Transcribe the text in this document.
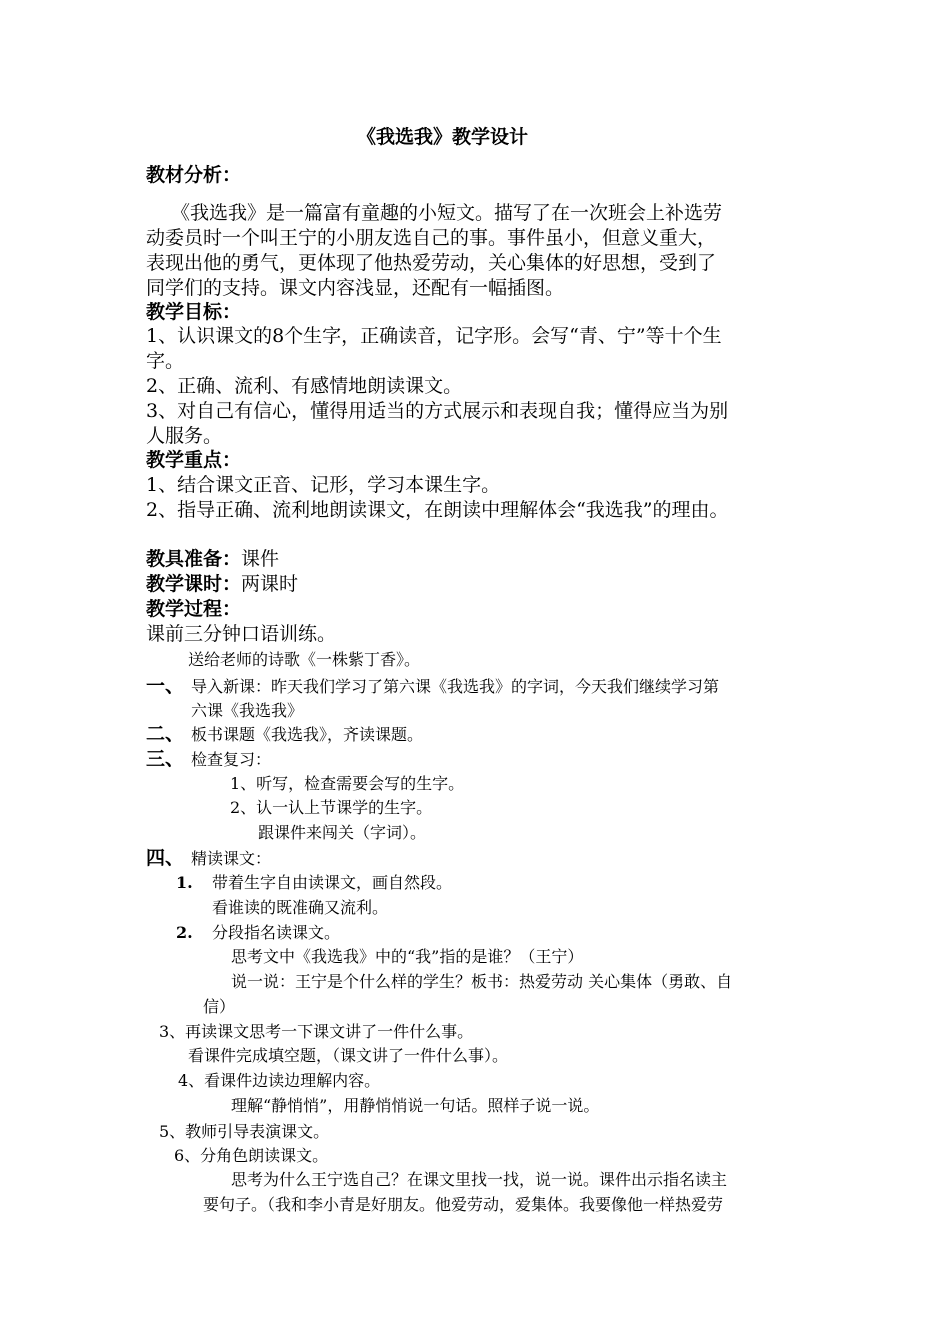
《我选我》教学设计
教材分析：
《我选我》是一篇富有童趣的小短文。描写了在一次班会上补选劳
动委员时一个叫王宁的小朋友选自己的事。事件虽小，但意义重大，
表现出他的勇气，更体现了他热爱劳动，关心集体的好思想，受到了
同学们的支持。课文内容浅显，还配有一幅插图。
教学目标：
1、认识课文的8个生字，正确读音，记字形。会写“青、宁”等十个生
字。
2、正确、流利、有感情地朗读课文。
3、对自己有信心，懂得用适当的方式展示和表现自我；懂得应当为别
人服务。
教学重点：
1、结合课文正音、记形，学习本课生字。
2、指导正确、流利地朗读课文，在朗读中理解体会“我选我”的理由。
教具准备：课件
教学课时：两课时
教学过程：
课前三分钟口语训练。
送给老师的诗歌《一株紫丁香》。
一、 导入新课：昨天我们学习了第六课《我选我》的字词，今天我们继续学习第
六课《我选我》
二、 板书课题《我选我》，齐读课题。
三、 检查复习：
1、听写，检查需要会写的生字。
2、认一认上节课学的生字。
跟课件来闯关（字词）。
四、 精读课文：
1. 带着生字自由读课文，画自然段。
看谁读的既准确又流利。
2. 分段指名读课文。
思考文中《我选我》中的“我”指的是谁？（王宁）
说一说：王宁是个什么样的学生？板书：热爱劳动 关心集体（勇敢、自
信）
3、再读课文思考一下课文讲了一件什么事。
看课件完成填空题，（课文讲了一件什么事）。
4、看课件边读边理解内容。
理解“静悄悄”，用静悄悄说一句话。照样子说一说。
5、教师引导表演课文。
6、分角色朗读课文。
思考为什么王宁选自己？在课文里找一找，说一说。课件出示指名读主
要句子。（我和李小青是好朋友。他爱劳动，爱集体。我要像他一样热爱劳
